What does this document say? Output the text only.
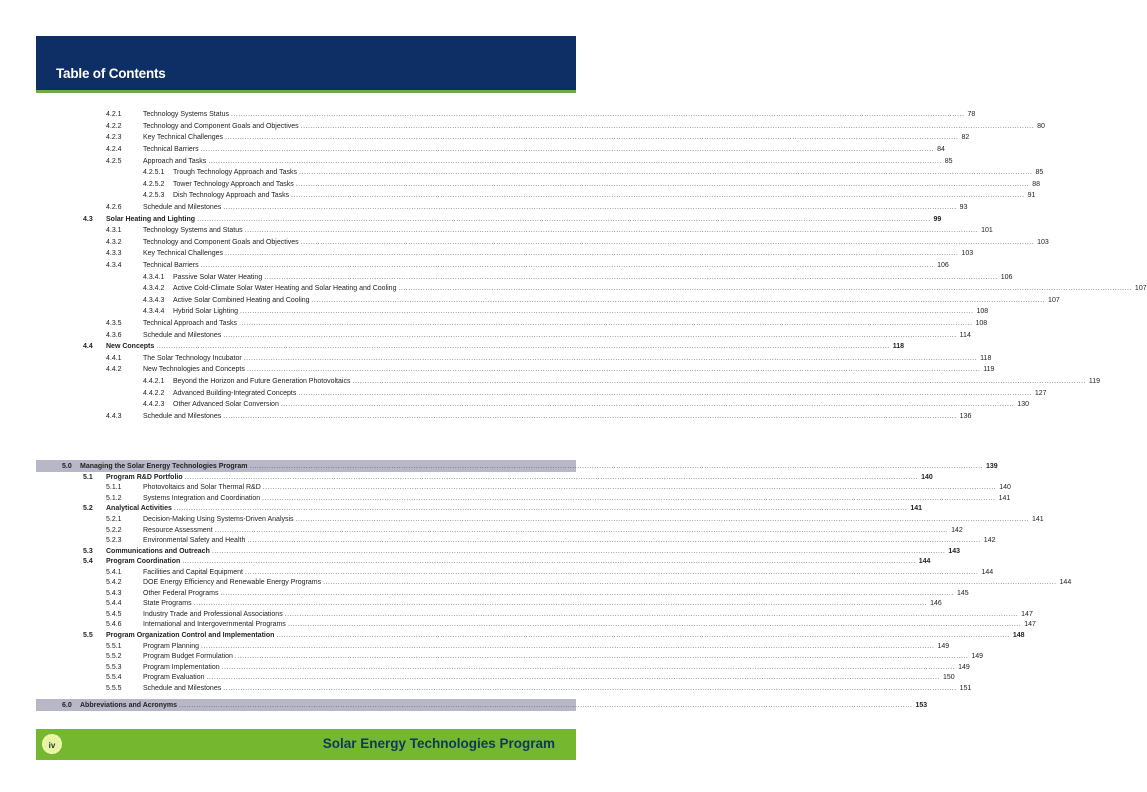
Table of Contents
4.2.1	Technology Systems Status ............................................................................................................................................................................................................................................................................................................ 78
4.2.2	Technology and Component Goals and Objectives ............................................................................................................................................................................................................................................................................................................ 80
4.2.3	Key Technical Challenges ............................................................................................................................................................................................................................................................................................................ 82
4.2.4	Technical Barriers ............................................................................................................................................................................................................................................................................................................ 84
4.2.5	Approach and Tasks ............................................................................................................................................................................................................................................................................................................ 85
4.2.5.1 Trough Technology Approach and Tasks ............................................................................................................................................................................................................................................................................................................ 85
4.2.5.2 Tower Technology Approach and Tasks ............................................................................................................................................................................................................................................................................................................ 88
4.2.5.3 Dish Technology Approach and Tasks ............................................................................................................................................................................................................................................................................................................ 91
4.2.6	Schedule and Milestones ............................................................................................................................................................................................................................................................................................................ 93
4.3 Solar Heating and Lighting ............................................................................................................................................................................................................................................................................................................ 99
4.3.1	Technology Systems and Status ............................................................................................................................................................................................................................................................................................................ 101
4.3.2	Technology and Component Goals and Objectives ............................................................................................................................................................................................................................................................................................................ 103
4.3.3	Key Technical Challenges ............................................................................................................................................................................................................................................................................................................ 103
4.3.4	Technical Barriers ............................................................................................................................................................................................................................................................................................................ 106
4.3.4.1 Passive Solar Water Heating ............................................................................................................................................................................................................................................................................................................ 106
4.3.4.2 Active Cold-Climate Solar Water Heating and Solar Heating and Cooling ............................................................................................................................................................................................................................................................................................................ 107
4.3.4.3 Active Solar Combined Heating and Cooling ............................................................................................................................................................................................................................................................................................................ 107
4.3.4.4 Hybrid Solar Lighting ............................................................................................................................................................................................................................................................................................................ 108
4.3.5	Technical Approach and Tasks ............................................................................................................................................................................................................................................................................................................ 108
4.3.6	Schedule and Milestones ............................................................................................................................................................................................................................................................................................................ 114
4.4 New Concepts ............................................................................................................................................................................................................................................................................................................ 118
4.4.1	The Solar Technology Incubator ............................................................................................................................................................................................................................................................................................................ 118
4.4.2	New Technologies and Concepts ............................................................................................................................................................................................................................................................................................................ 119
4.4.2.1 Beyond the Horizon and Future Generation Photovoltaics ............................................................................................................................................................................................................................................................................................................ 119
4.4.2.2 Advanced Building-Integrated Concepts ............................................................................................................................................................................................................................................................................................................ 127
4.4.2.3 Other Advanced Solar Conversion ............................................................................................................................................................................................................................................................................................................ 130
4.4.3	Schedule and Milestones ............................................................................................................................................................................................................................................................................................................ 136
5.0 Managing the Solar Energy Technologies Program ............................................................................................................................................................................................................................................................................................................ 139
5.1 Program R&D Portfolio ............................................................................................................................................................................................................................................................................................................ 140
5.1.1	Photovoltaics and Solar Thermal R&D ............................................................................................................................................................................................................................................................................................................ 140
5.1.2	Systems Integration and Coordination ............................................................................................................................................................................................................................................................................................................ 141
5.2 Analytical Activities ............................................................................................................................................................................................................................................................................................................ 141
5.2.1	Decision-Making Using Systems-Driven Analysis ............................................................................................................................................................................................................................................................................................................ 141
5.2.2	Resource Assessment ............................................................................................................................................................................................................................................................................................................ 142
5.2.3	Environmental Safety and Health ............................................................................................................................................................................................................................................................................................................ 142
5.3 Communications and Outreach ............................................................................................................................................................................................................................................................................................................ 143
5.4 Program Coordination ............................................................................................................................................................................................................................................................................................................ 144
5.4.1	Facilities and Capital Equipment ............................................................................................................................................................................................................................................................................................................ 144
5.4.2	DOE Energy Efficiency and Renewable Energy Programs ............................................................................................................................................................................................................................................................................................................ 144
5.4.3	Other Federal Programs ............................................................................................................................................................................................................................................................................................................ 145
5.4.4	State Programs ............................................................................................................................................................................................................................................................................................................ 146
5.4.5	Industry Trade and Professional Associations ............................................................................................................................................................................................................................................................................................................ 147
5.4.6	International and Intergovernmental Programs ............................................................................................................................................................................................................................................................................................................ 147
5.5 Program Organization Control and Implementation ............................................................................................................................................................................................................................................................................................................ 148
5.5.1	Program Planning ............................................................................................................................................................................................................................................................................................................ 149
5.5.2	Program Budget Formulation ............................................................................................................................................................................................................................................................................................................ 149
5.5.3	Program Implementation ............................................................................................................................................................................................................................................................................................................ 149
5.5.4	Program Evaluation ............................................................................................................................................................................................................................................................................................................ 150
5.5.5	Schedule and Milestones ............................................................................................................................................................................................................................................................................................................ 151
6.0 Abbreviations and Acronyms ............................................................................................................................................................................................................................................................................................................ 153
iv	Solar Energy Technologies Program
